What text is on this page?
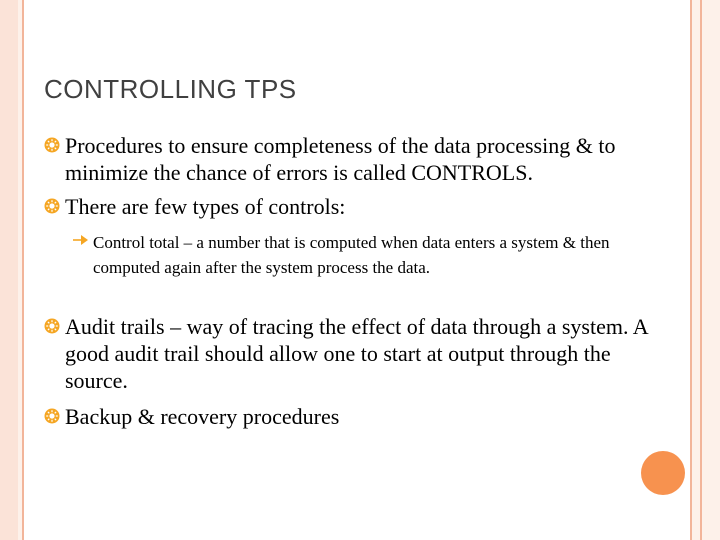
CONTROLLING TPS
Procedures to ensure completeness of the data processing & to minimize the chance of errors is called CONTROLS.
There are few types of controls:
Control total – a number that is computed when data enters a system & then computed again after the system process the data.
Audit trails – way of tracing the effect of data through a system. A good audit trail should allow one to start at output through the source.
Backup & recovery procedures
